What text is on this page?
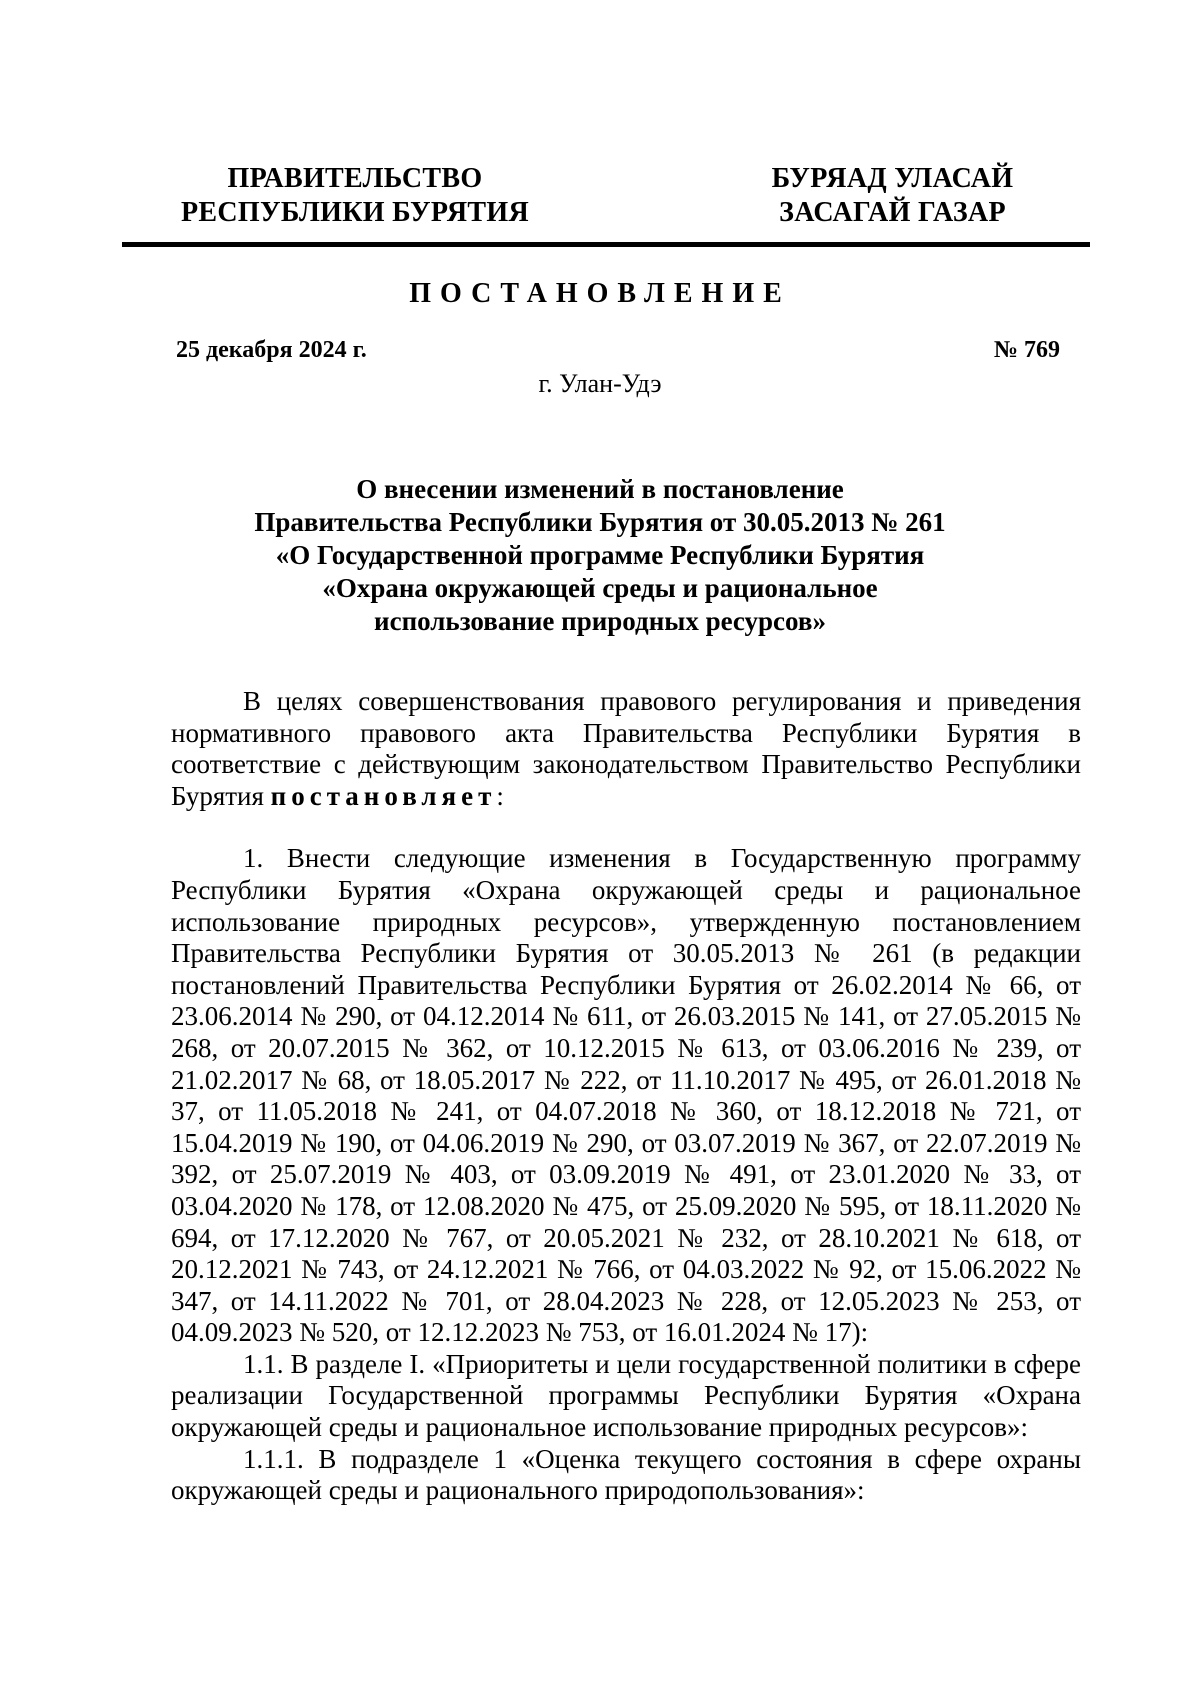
ПРАВИТЕЛЬСТВО
РЕСПУБЛИКИ БУРЯТИЯ
БУРЯАД УЛАСАЙ
ЗАСАГАЙ ГАЗАР
ПОСТАНОВЛЕНИЕ
25 декабря 2024 г.	№ 769
г. Улан-Удэ
О внесении изменений в постановление
Правительства Республики Бурятия от 30.05.2013 № 261
«О Государственной программе Республики Бурятия
«Охрана окружающей среды и рациональное
использование природных ресурсов»

В целях совершенствования правового регулирования и приведения нормативного правового акта Правительства Республики Бурятия в соответствие с действующим законодательством Правительство Республики Бурятия постановляет:

1. Внести следующие изменения в Государственную программу Республики Бурятия «Охрана окружающей среды и рациональное использование природных ресурсов», утвержденную постановлением Правительства Республики Бурятия от 30.05.2013 № 261 (в редакции постановлений Правительства Республики Бурятия от 26.02.2014 № 66, от 23.06.2014 № 290, от 04.12.2014 № 611, от 26.03.2015 № 141, от 27.05.2015 № 268, от 20.07.2015 № 362, от 10.12.2015 № 613, от 03.06.2016 № 239, от 21.02.2017 № 68, от 18.05.2017 № 222, от 11.10.2017 № 495, от 26.01.2018 № 37, от 11.05.2018 № 241, от 04.07.2018 № 360, от 18.12.2018 № 721, от 15.04.2019 № 190, от 04.06.2019 № 290, от 03.07.2019 № 367, от 22.07.2019 № 392, от 25.07.2019 № 403, от 03.09.2019 № 491, от 23.01.2020 № 33, от 03.04.2020 № 178, от 12.08.2020 № 475, от 25.09.2020 № 595, от 18.11.2020 № 694, от 17.12.2020 № 767, от 20.05.2021 № 232, от 28.10.2021 № 618, от 20.12.2021 № 743, от 24.12.2021 № 766, от 04.03.2022 № 92, от 15.06.2022 № 347, от 14.11.2022 № 701, от 28.04.2023 № 228, от 12.05.2023 № 253, от 04.09.2023 № 520, от 12.12.2023 № 753, от 16.01.2024 № 17):

1.1. В разделе I. «Приоритеты и цели государственной политики в сфере реализации Государственной программы Республики Бурятия «Охрана окружающей среды и рациональное использование природных ресурсов»:

1.1.1. В подразделе 1 «Оценка текущего состояния в сфере охраны окружающей среды и рационального природопользования»:
